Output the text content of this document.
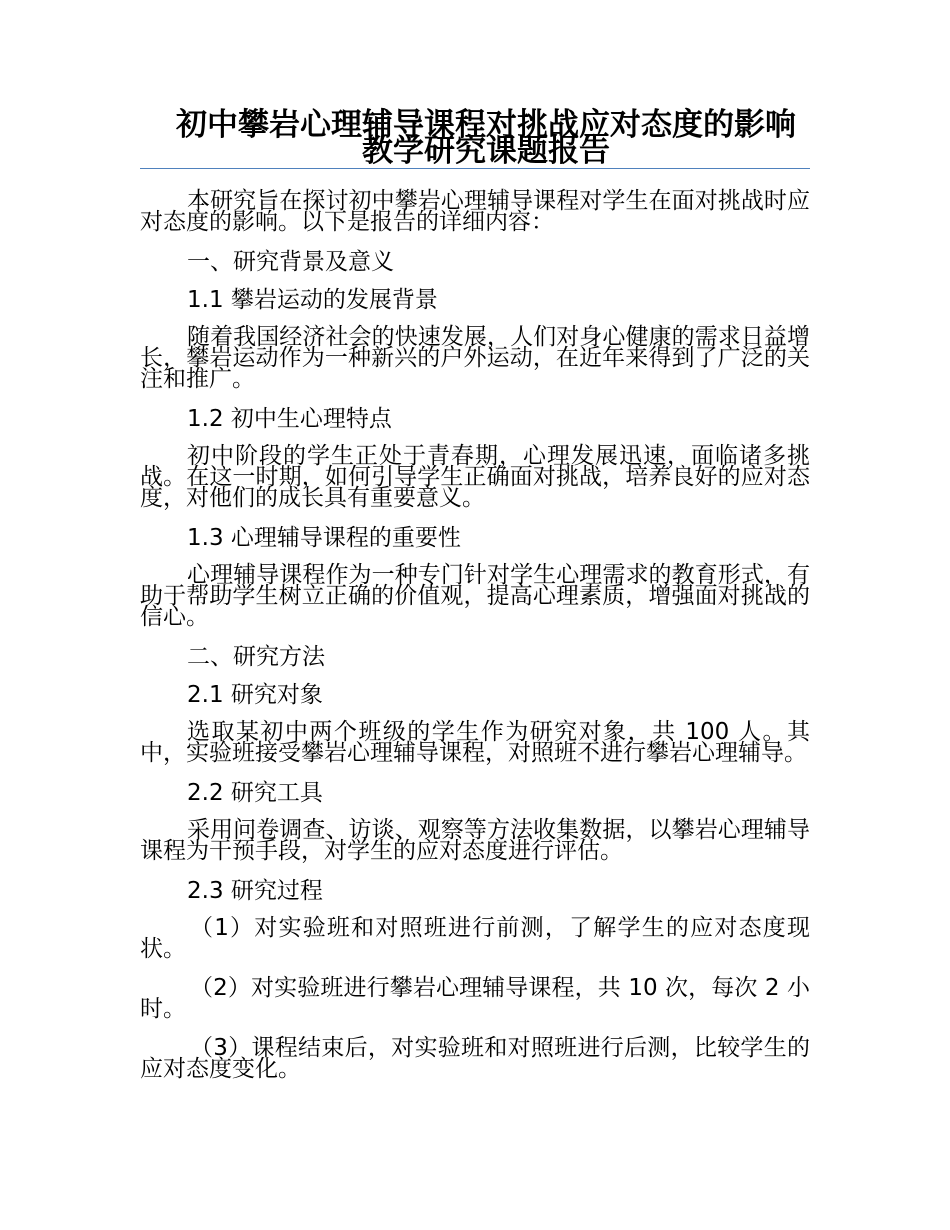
初中攀岩心理辅导课程对挑战应对态度的影响教学研究课题报告

本研究旨在探讨初中攀岩心理辅导课程对学生在面对挑战时应对态度的影响。以下是报告的详细内容：

一、研究背景及意义

1.1 攀岩运动的发展背景

随着我国经济社会的快速发展，人们对身心健康的需求日益增长，攀岩运动作为一种新兴的户外运动，在近年来得到了广泛的关注和推广。

1.2 初中生心理特点

初中阶段的学生正处于青春期，心理发展迅速，面临诸多挑战。在这一时期，如何引导学生正确面对挑战，培养良好的应对态度，对他们的成长具有重要意义。

1.3 心理辅导课程的重要性

心理辅导课程作为一种专门针对学生心理需求的教育形式，有助于帮助学生树立正确的价值观，提高心理素质，增强面对挑战的信心。

二、研究方法

2.1 研究对象

选取某初中两个班级的学生作为研究对象，共 100 人。其中，实验班接受攀岩心理辅导课程，对照班不进行攀岩心理辅导。

2.2 研究工具

采用问卷调查、访谈、观察等方法收集数据，以攀岩心理辅导课程为干预手段，对学生的应对态度进行评估。

2.3 研究过程

（1）对实验班和对照班进行前测，了解学生的应对态度现状。

（2）对实验班进行攀岩心理辅导课程，共 10 次，每次 2 小时。

（3）课程结束后，对实验班和对照班进行后测，比较学生的应对态度变化。
